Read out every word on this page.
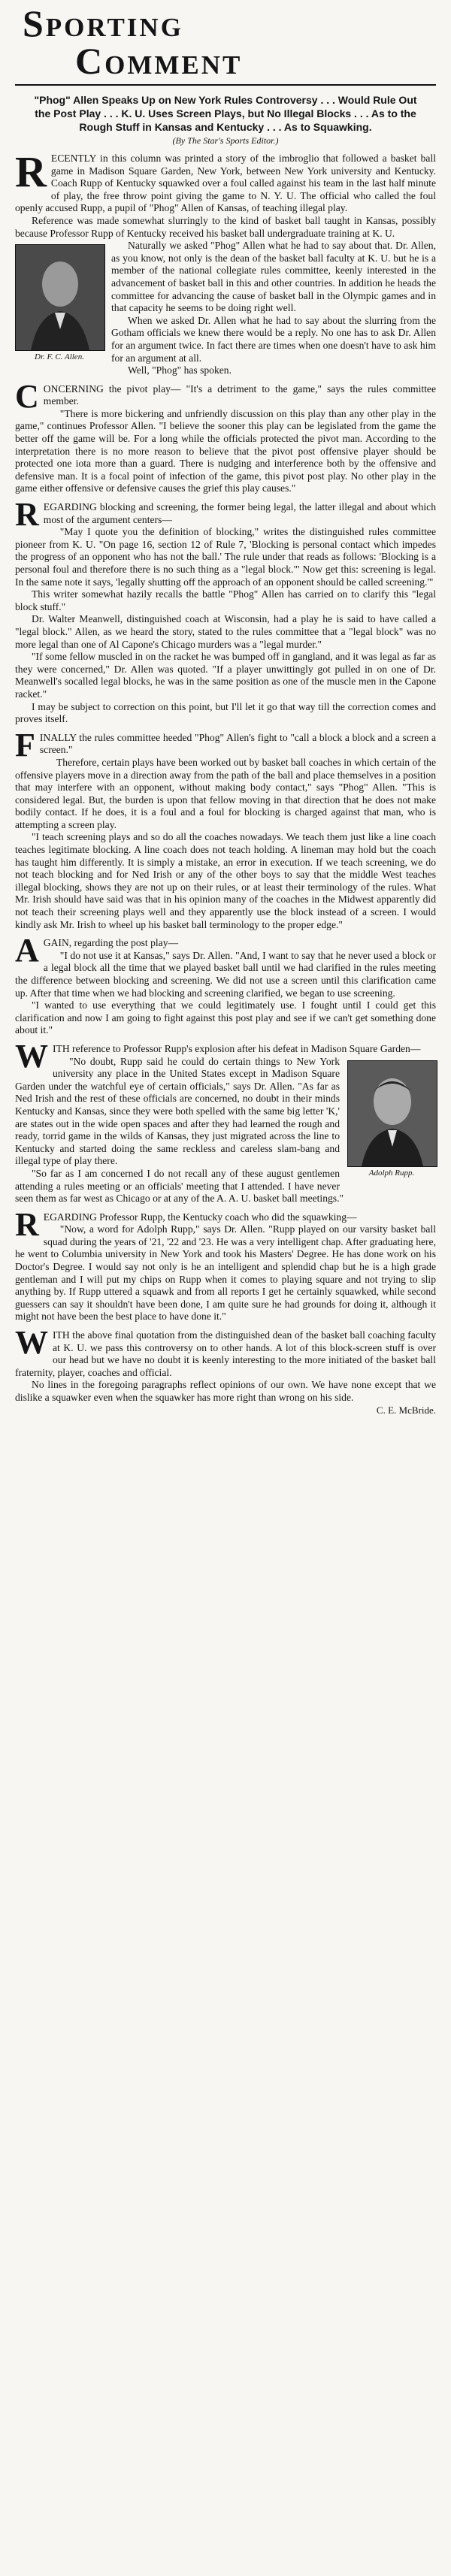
Sporting
Comment
"Phog" Allen Speaks Up on New York Rules Controversy . . . Would Rule Out the Post Play . . . K. U. Uses Screen Plays, but No Illegal Blocks . . . As to the Rough Stuff in Kansas and Kentucky . . . As to Squawking.
(By The Star's Sports Editor.)
R ECENTLY in this column was printed a story of the imbroglio that followed a basket ball game in Madison Square Garden, New York, between New York university and Kentucky. Coach Rupp of Kentucky squawked over a foul called against his team in the last half minute of play, the free throw point giving the game to N. Y. U. The official who called the foul openly accused Rupp, a pupil of "Phog" Allen of Kansas, of teaching illegal play.

Reference was made somewhat slurringly to the kind of basket ball taught in Kansas, possibly because Professor Rupp of Kentucky received his basket ball undergraduate training at K. U.

Dr. F. C. Allen.

Naturally we asked "Phog" Allen what he had to say about that. Dr. Allen, as you know, not only is the dean of the basket ball faculty at K. U. but he is a member of the national collegiate rules committee, keenly interested in the advancement of basket ball in this and other countries. In addition he heads the committee for advancing the cause of basket ball in the Olympic games and in that capacity he seems to be doing right well.

When we asked Dr. Allen what he had to say about the slurring from the Gotham officials we knew there would be a reply. No one has to ask Dr. Allen for an argument twice. In fact there are times when one doesn't have to ask him for an argument at all.

Well, "Phog" has spoken.

C ONCERNING the pivot play— "It's a detriment to the game," says the rules committee member.

"There is more bickering and unfriendly discussion on this play than any other play in the game," continues Professor Allen. "I believe the sooner this play can be legislated from the game the better off the game will be. For a long while the officials protected the pivot man. According to the interpretation there is no more reason to believe that the pivot post offensive player should be protected one iota more than a guard. There is nudging and interference both by the offensive and defensive man. It is a focal point of infection of the game, this pivot post play. No other play in the game either offensive or defensive causes the grief this play causes."

R EGARDING blocking and screening, the former being legal, the latter illegal and about which most of the argument centers—

"May I quote you the definition of blocking," writes the distinguished rules committee pioneer from K. U. "On page 16, section 12 of Rule 7, 'Blocking is personal contact which impedes the progress of an opponent who has not the ball.' The rule under that reads as follows: 'Blocking is a personal foul and therefore there is no such thing as a "legal block."' Now get this: screening is legal. In the same note it says, 'legally shutting off the approach of an opponent should be called screening.'"

This writer somewhat hazily recalls the battle "Phog" Allen has carried on to clarify this "legal block stuff."

Dr. Walter Meanwell, distinguished coach at Wisconsin, had a play he is said to have called a "legal block." Allen, as we heard the story, stated to the rules committee that a "legal block" was no more legal than one of Al Capone's Chicago murders was a "legal murder."

"If some fellow muscled in on the racket he was bumped off in gangland, and it was legal as far as they were concerned," Dr. Allen was quoted. "If a player unwittingly got pulled in on one of Dr. Meanwell's socalled legal blocks, he was in the same position as one of the muscle men in the Capone racket."

I may be subject to correction on this point, but I'll let it go that way till the correction comes and proves itself.

F INALLY the rules committee heeded "Phog" Allen's fight to "call a block a block and a screen a screen."

Therefore, certain plays have been worked out by basket ball coaches in which certain of the offensive players move in a direction away from the path of the ball and place themselves in a position that may interfere with an opponent, without making body contact," says "Phog" Allen. "This is considered legal. But, the burden is upon that fellow moving in that direction that he does not make bodily contact. If he does, it is a foul and a foul for blocking is charged against that man, who is attempting a screen play.

"I teach screening plays and so do all the coaches nowadays. We teach them just like a line coach teaches legitimate blocking. A line coach does not teach holding. A lineman may hold but the coach has taught him differently. It is simply a mistake, an error in execution. If we teach screening, we do not teach blocking and for Ned Irish or any of the other boys to say that the middle West teaches illegal blocking, shows they are not up on their rules, or at least their terminology of the rules. What Mr. Irish should have said was that in his opinion many of the coaches in the Midwest apparently did not teach their screening plays well and they apparently use the block instead of a screen. I would kindly ask Mr. Irish to wheel up his basket ball terminology to the proper edge."

A GAIN, regarding the post play—

"I do not use it at Kansas," says Dr. Allen. "And, I want to say that he never used a block or a legal block all the time that we played basket ball until we had clarified in the rules meeting the difference between blocking and screening. We did not use a screen until this clarification came up. After that time when we had blocking and screening clarified, we began to use screening.

"I wanted to use everything that we could legitimately use. I fought until I could get this clarification and now I am going to fight against this post play and see if we can't get something done about it."

W ITH reference to Professor Rupp's explosion after his defeat in Madison Square Garden—

Adolph Rupp.

"No doubt, Rupp said he could do certain things to New York university any place in the United States except in Madison Square Garden under the watchful eye of certain officials," says Dr. Allen. "As far as Ned Irish and the rest of these officials are concerned, no doubt in their minds Kentucky and Kansas, since they were both spelled with the same big letter 'K,' are states out in the wide open spaces and after they had learned the rough and ready, torrid game in the wilds of Kansas, they just migrated across the line to Kentucky and started doing the same reckless and careless slam-bang and illegal type of play there.

"So far as I am concerned I do not recall any of these august gentlemen attending a rules meeting or an officials' meeting that I attended. I have never seen them as far west as Chicago or at any of the A. A. U. basket ball meetings."

R EGARDING Professor Rupp, the Kentucky coach who did the squawking—

"Now, a word for Adolph Rupp," says Dr. Allen. "Rupp played on our varsity basket ball squad during the years of '21, '22 and '23. He was a very intelligent chap. After graduating here, he went to Columbia university in New York and took his Masters' Degree. He has done work on his Doctor's Degree. I would say not only is he an intelligent and splendid chap but he is a high grade gentleman and I will put my chips on Rupp when it comes to playing square and not trying to slip anything by. If Rupp uttered a squawk and from all reports I get he certainly squawked, while second guessers can say it shouldn't have been done, I am quite sure he had grounds for doing it, although it might not have been the best place to have done it."

W ITH the above final quotation from the distinguished dean of the basket ball coaching faculty at K. U. we pass this controversy on to other hands. A lot of this block-screen stuff is over our head but we have no doubt it is keenly interesting to the more initiated of the basket ball fraternity, player, coaches and official.

No lines in the foregoing paragraphs reflect opinions of our own. We have none except that we dislike a squawker even when the squawker has more right than wrong on his side.

C. E. McBride.
